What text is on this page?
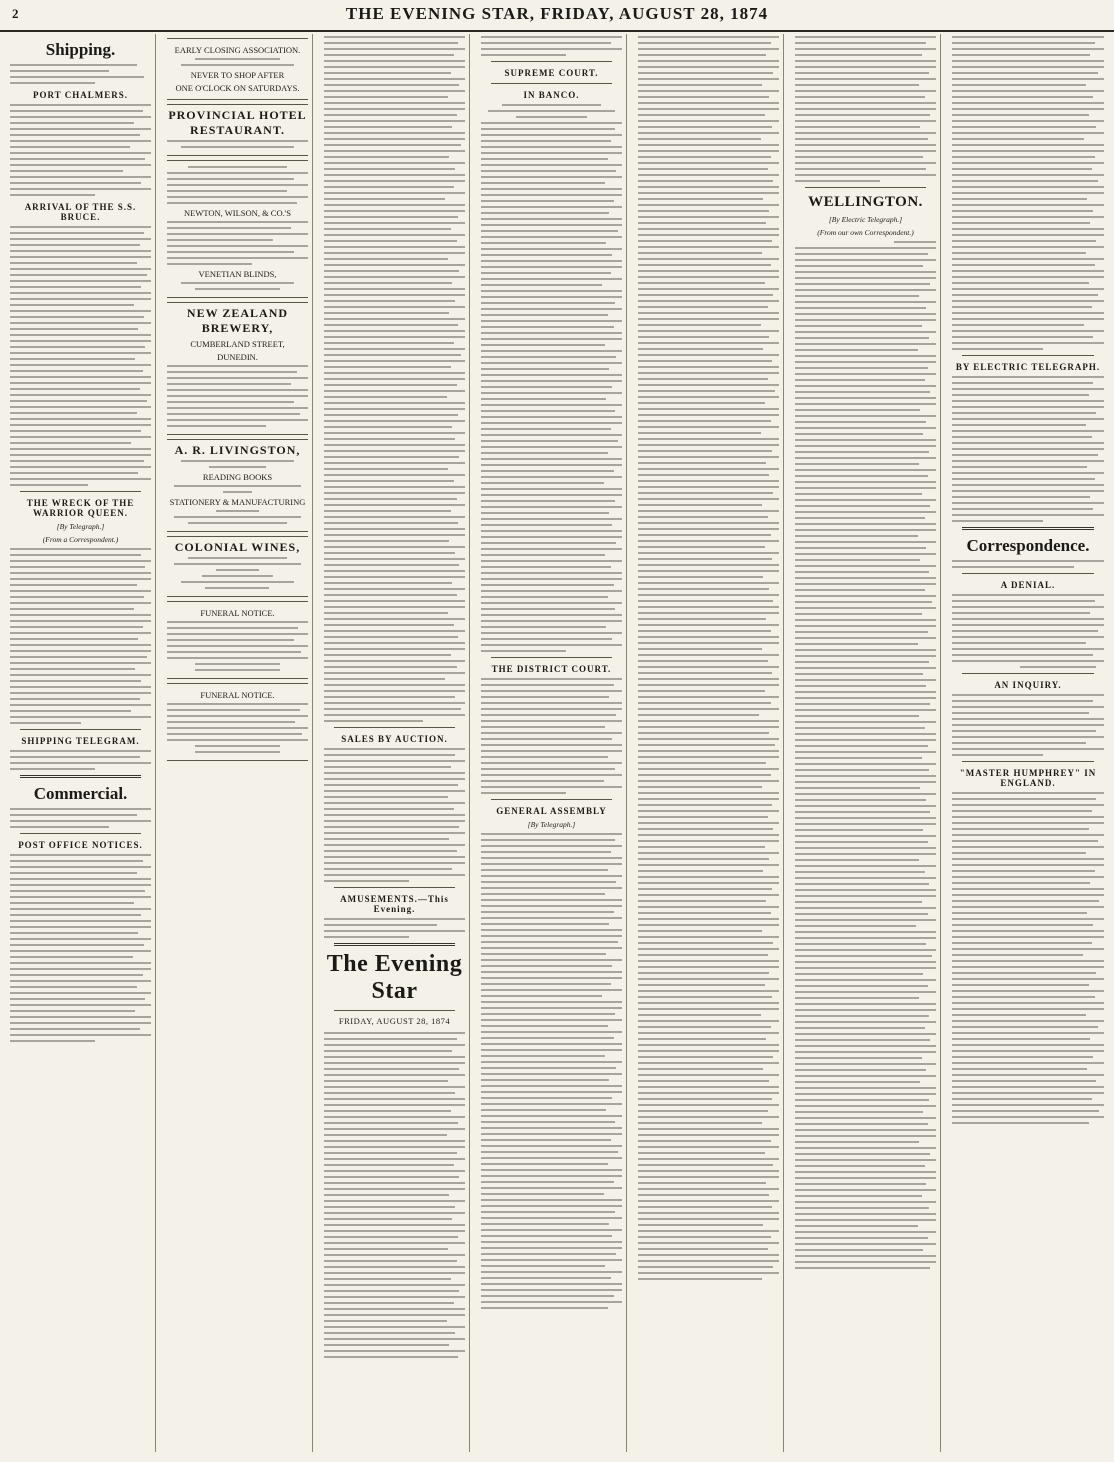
2	THE EVENING STAR, FRIDAY, AUGUST 28, 1874
Shipping.
PORT CHALMERS.
ARRIVAL OF THE S.S. BRUCE.
THE WRECK OF THE WARRIOR QUEEN.
[By Telegraph.]
(From a Correspondent.)
SHIPPING TELEGRAM.
Commercial.
POST OFFICE NOTICES.
EARLY CLOSING ASSOCIATION.
NEVER TO SHOP AFTER
ONE O'CLOCK ON SATURDAYS.
PROVINCIAL HOTEL RESTAURANT.
NEWTON, WILSON, & CO.'S
VENETIAN BLINDS,
NEW ZEALAND BREWERY,
CUMBERLAND STREET,
DUNEDIN.
A. R. LIVINGSTON,
READING BOOKS
STATIONERY & MANUFACTURING
COLONIAL WINES,
FUNERAL NOTICE.
FUNERAL NOTICE.
SALES BY AUCTION.
AMUSEMENTS.—This Evening.
The Evening Star
FRIDAY, AUGUST 28, 1874
SUPREME COURT.
IN BANCO.
THE DISTRICT COURT.
GENERAL ASSEMBLY
[By Telegraph.]
WELLINGTON.
[By Electric Telegraph.]
(From our own Correspondent.)
BY ELECTRIC TELEGRAPH.
Correspondence.
A DENIAL.
AN INQUIRY.
"MASTER HUMPHREY" IN ENGLAND.
